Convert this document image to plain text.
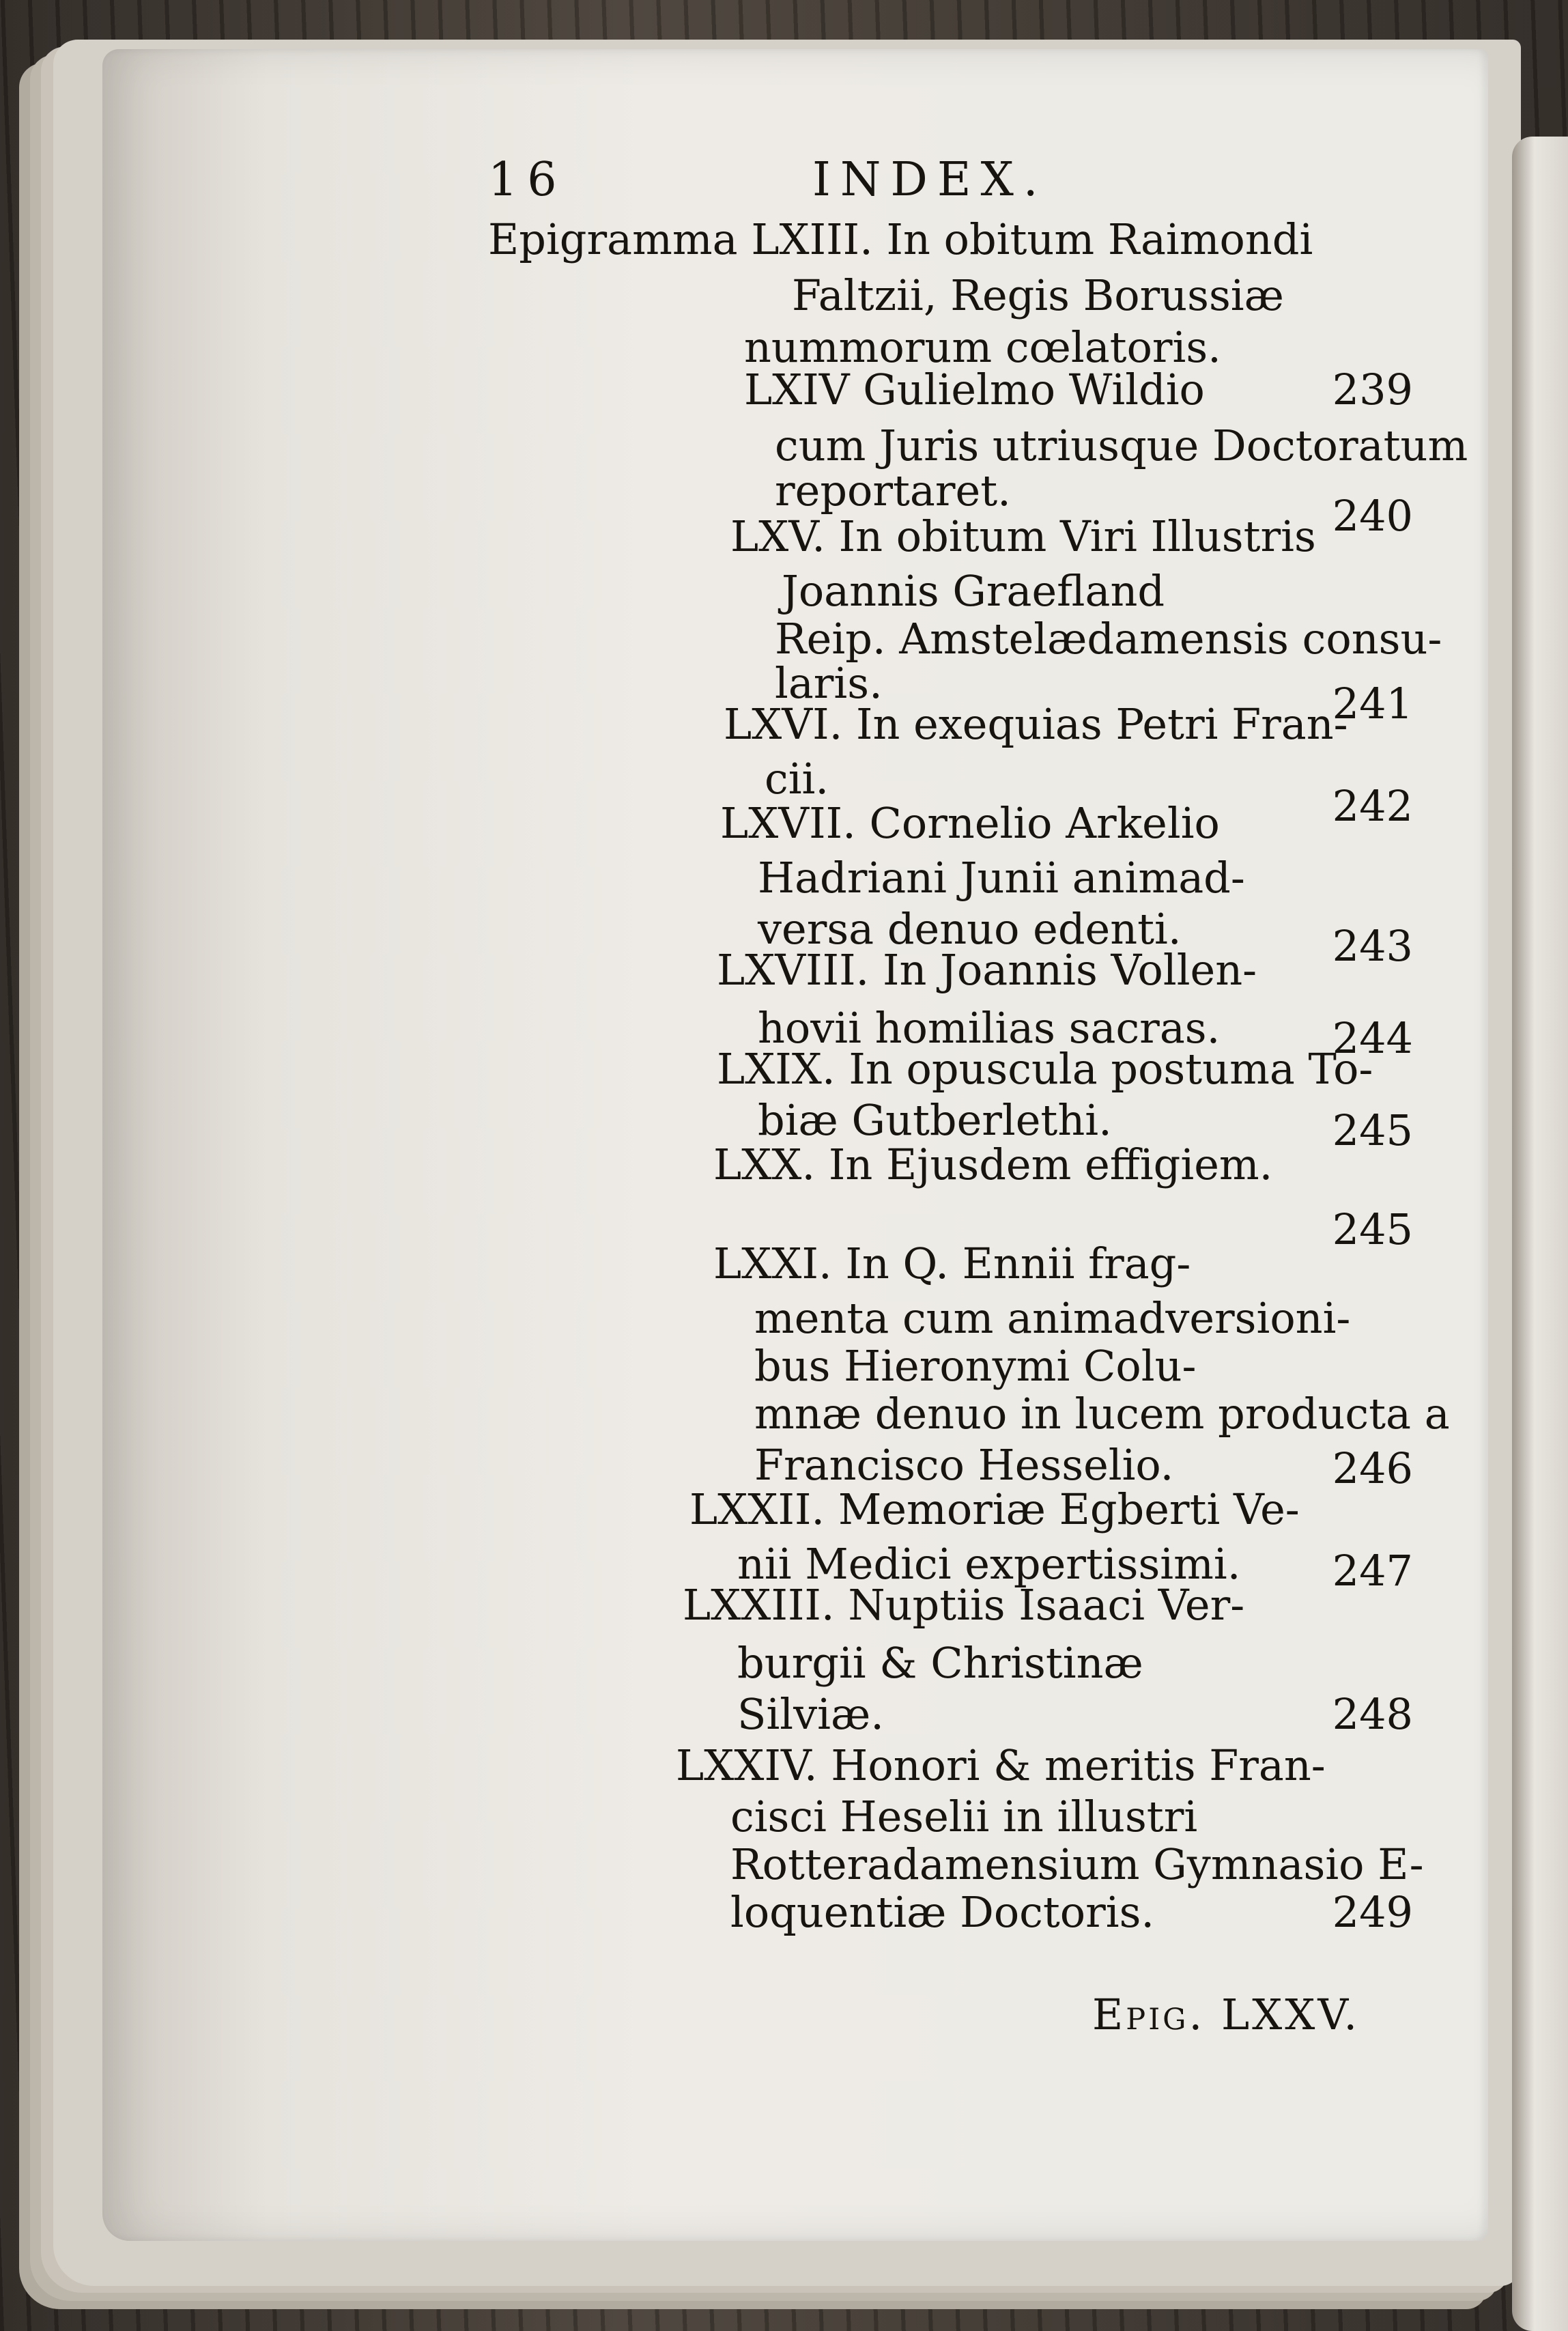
16	INDEX.
Epigramma LXIII. In obitum Raimondi
Faltzii, Regis Borussiæ
nummorum cœlatoris.
LXIV Gulielmo Wildio
cum Juris utriusque Doctoratum
reportaret.
LXV. In obitum Viri Illustris
Joannis Graefland
Reip. Amstelædamensis consu-
laris.
LXVI. In exequias Petri Fran-
cii.
LXVII. Cornelio Arkelio
Hadriani Junii animad-
versa denuo edenti.
LXVIII. In Joannis Vollen-
hovii homilias sacras.
LXIX. In opuscula postuma To-
biæ Gutberlethi.
LXX. In Ejusdem effigiem.
LXXI. In Q. Ennii frag-
menta cum animadversioni-
bus Hieronymi Colu-
mnæ denuo in lucem producta a
Francisco Hesselio.
LXXII. Memoriæ Egberti Ve-
nii Medici expertissimi.
LXXIII. Nuptiis Isaaci Ver-
burgii & Christinæ
Silviæ.
LXXIV. Honori & meritis Fran-
cisci Heselii in illustri
Rotteradamensium Gymnasio E-
loquentiæ Doctoris.
239
240
241
242
243
244
245
245
246
247
248
249
Epig. LXXV.
